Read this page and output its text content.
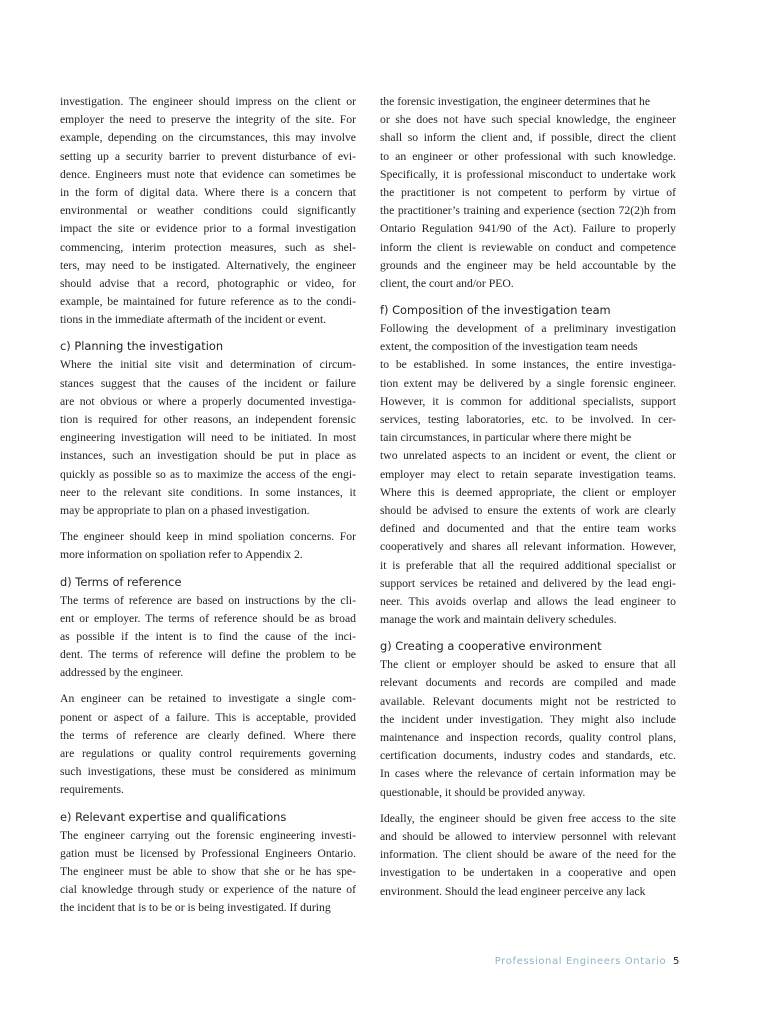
investigation. The engineer should impress on the client or
employer the need to preserve the integrity of the site. For
example, depending on the circumstances, this may involve
setting up a security barrier to prevent disturbance of evi-
dence. Engineers must note that evidence can sometimes be
in the form of digital data. Where there is a concern that
environmental or weather conditions could significantly
impact the site or evidence prior to a formal investigation
commencing, interim protection measures, such as shel-
ters, may need to be instigated. Alternatively, the engineer
should advise that a record, photographic or video, for
example, be maintained for future reference as to the condi-
tions in the immediate aftermath of the incident or event.
c) Planning the investigation
Where the initial site visit and determination of circum-
stances suggest that the causes of the incident or failure
are not obvious or where a properly documented investiga-
tion is required for other reasons, an independent forensic
engineering investigation will need to be initiated. In most
instances, such an investigation should be put in place as
quickly as possible so as to maximize the access of the engi-
neer to the relevant site conditions. In some instances, it
may be appropriate to plan on a phased investigation.
The engineer should keep in mind spoliation concerns. For
more information on spoliation refer to Appendix 2.
d) Terms of reference
The terms of reference are based on instructions by the cli-
ent or employer. The terms of reference should be as broad
as possible if the intent is to find the cause of the inci-
dent. The terms of reference will define the problem to be
addressed by the engineer.
An engineer can be retained to investigate a single com-
ponent or aspect of a failure. This is acceptable, provided
the terms of reference are clearly defined. Where there
are regulations or quality control requirements governing
such investigations, these must be considered as minimum
requirements.
e) Relevant expertise and qualifications
The engineer carrying out the forensic engineering investi-
gation must be licensed by Professional Engineers Ontario.
The engineer must be able to show that she or he has spe-
cial knowledge through study or experience of the nature of
the incident that is to be or is being investigated. If during
the forensic investigation, the engineer determines that he
or she does not have such special knowledge, the engineer
shall so inform the client and, if possible, direct the client
to an engineer or other professional with such knowledge.
Specifically, it is professional misconduct to undertake work
the practitioner is not competent to perform by virtue of
the practitioner’s training and experience (section 72(2)h from
Ontario Regulation 941/90 of the Act). Failure to properly
inform the client is reviewable on conduct and competence
grounds and the engineer may be held accountable by the
client, the court and/or PEO.
f) Composition of the investigation team
Following the development of a preliminary investigation
extent, the composition of the investigation team needs
to be established. In some instances, the entire investiga-
tion extent may be delivered by a single forensic engineer.
However, it is common for additional specialists, support
services, testing laboratories, etc. to be involved. In cer-
tain circumstances, in particular where there might be
two unrelated aspects to an incident or event, the client or
employer may elect to retain separate investigation teams.
Where this is deemed appropriate, the client or employer
should be advised to ensure the extents of work are clearly
defined and documented and that the entire team works
cooperatively and shares all relevant information. However,
it is preferable that all the required additional specialist or
support services be retained and delivered by the lead engi-
neer. This avoids overlap and allows the lead engineer to
manage the work and maintain delivery schedules.
g) Creating a cooperative environment
The client or employer should be asked to ensure that all
relevant documents and records are compiled and made
available. Relevant documents might not be restricted to
the incident under investigation. They might also include
maintenance and inspection records, quality control plans,
certification documents, industry codes and standards, etc.
In cases where the relevance of certain information may be
questionable, it should be provided anyway.
Ideally, the engineer should be given free access to the site
and should be allowed to interview personnel with relevant
information. The client should be aware of the need for the
investigation to be undertaken in a cooperative and open
environment. Should the lead engineer perceive any lack
Professional Engineers Ontario 5
